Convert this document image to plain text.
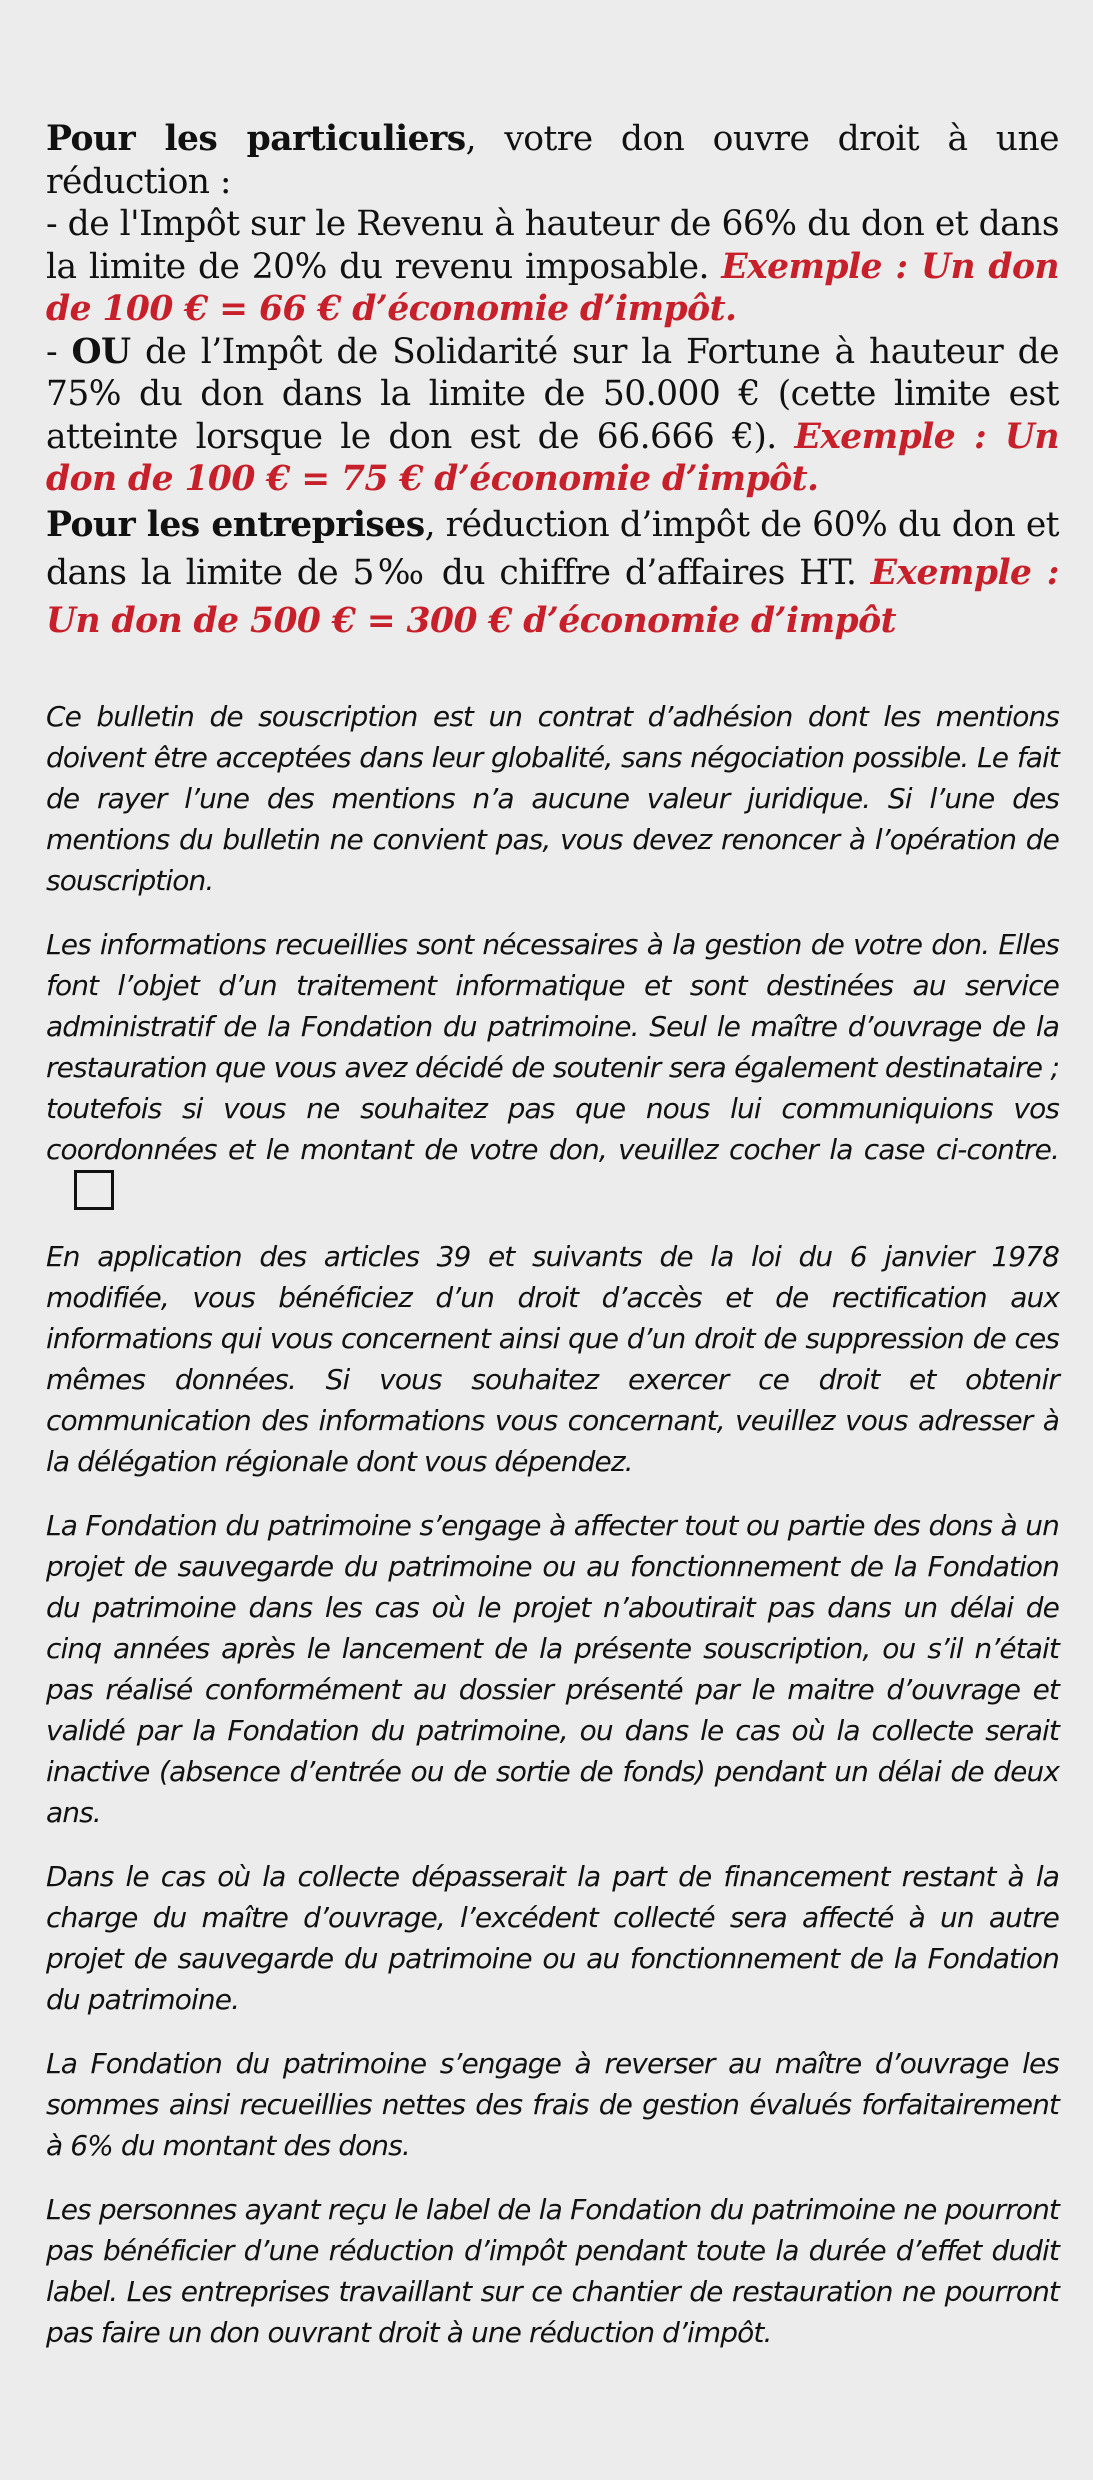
Pour les particuliers, votre don ouvre droit à une réduction :

- de l'Impôt sur le Revenu à hauteur de 66% du don et dans la limite de 20% du revenu imposable. Exemple : Un don de 100 € = 66 € d’économie d’impôt.

- OU de l’Impôt de Solidarité sur la Fortune à hauteur de 75% du don dans la limite de 50.000 € (cette limite est atteinte lorsque le don est de 66.666 €). Exemple : Un don de 100 € = 75 € d’économie d’impôt.

Pour les entreprises, réduction d’impôt de 60% du don et dans la limite de 5‰ du chiffre d’affaires HT. Exemple : Un don de 500 € = 300 € d’économie d’impôt

Ce bulletin de souscription est un contrat d’adhésion dont les mentions doivent être acceptées dans leur globalité, sans négociation possible. Le fait de rayer l’une des mentions n’a aucune valeur juridique. Si l’une des mentions du bulletin ne convient pas, vous devez renoncer à l’opération de souscription.

Les informations recueillies sont nécessaires à la gestion de votre don. Elles font l’objet d’un traitement informatique et sont destinées au service administratif de la Fondation du patrimoine. Seul le maître d’ouvrage de la restauration que vous avez décidé de soutenir sera également destinataire ; toutefois si vous ne souhaitez pas que nous lui communiquions vos coordonnées et le montant de votre don, veuillez cocher la case ci-contre.

En application des articles 39 et suivants de la loi du 6 janvier 1978 modifiée, vous bénéficiez d’un droit d’accès et de rectification aux informations qui vous concernent ainsi que d’un droit de suppression de ces mêmes données. Si vous souhaitez exercer ce droit et obtenir communication des informations vous concernant, veuillez vous adresser à la délégation régionale dont vous dépendez.

La Fondation du patrimoine s’engage à affecter tout ou partie des dons à un projet de sauvegarde du patrimoine ou au fonctionnement de la Fondation du patrimoine dans les cas où le projet n’aboutirait pas dans un délai de cinq années après le lancement de la présente souscription, ou s’il n’était pas réalisé conformément au dossier présenté par le maitre d’ouvrage et validé par la Fondation du patrimoine, ou dans le cas où la collecte serait inactive (absence d’entrée ou de sortie de fonds) pendant un délai de deux ans.

Dans le cas où la collecte dépasserait la part de financement restant à la charge du maître d’ouvrage, l’excédent collecté sera affecté à un autre projet de sauvegarde du patrimoine ou au fonctionnement de la Fondation du patrimoine.

La Fondation du patrimoine s’engage à reverser au maître d’ouvrage les sommes ainsi recueillies nettes des frais de gestion évalués forfaitairement à 6% du montant des dons.

Les personnes ayant reçu le label de la Fondation du patrimoine ne pourront pas bénéficier d’une réduction d’impôt pendant toute la durée d’effet dudit label. Les entreprises travaillant sur ce chantier de restauration ne pourront pas faire un don ouvrant droit à une réduction d’impôt.
